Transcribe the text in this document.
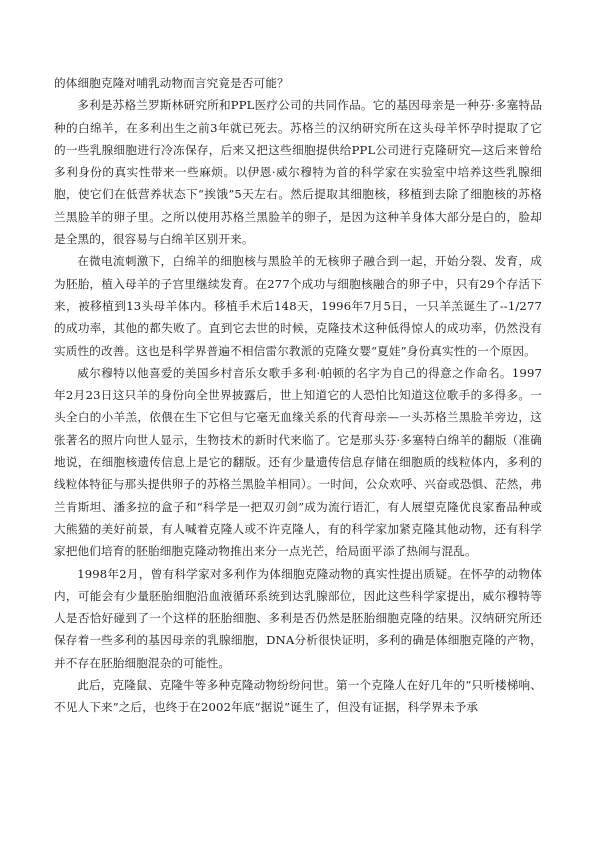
的体细胞克隆对哺乳动物而言究竟是否可能？

多利是苏格兰罗斯林研究所和PPL医疗公司的共同作品。它的基因母亲是一种芬·多塞特品种的白绵羊，在多利出生之前3年就已死去。苏格兰的汉纳研究所在这头母羊怀孕时提取了它的一些乳腺细胞进行冷冻保存，后来又把这些细胞提供给PPL公司进行克隆研究—这后来曾给多利身份的真实性带来一些麻烦。以伊恩·威尔穆特为首的科学家在实验室中培养这些乳腺细胞，使它们在低营养状态下“挨饿”5天左右。然后提取其细胞核，移植到去除了细胞核的苏格兰黑脸羊的卵子里。之所以使用苏格兰黑脸羊的卵子，是因为这种羊身体大部分是白的，脸却是全黑的，很容易与白绵羊区别开来。

在微电流刺激下，白绵羊的细胞核与黑脸羊的无核卵子融合到一起，开始分裂、发育，成为胚胎，植入母羊的子宫里继续发育。在277个成功与细胞核融合的卵子中，只有29个存活下来，被移植到13头母羊体内。移植手术后148天，1996年7月5日，一只羊羔诞生了--1/277的成功率，其他的都失败了。直到它去世的时候，克隆技术这种低得惊人的成功率，仍然没有实质性的改善。这也是科学界普遍不相信雷尔教派的克隆女婴“夏娃”身份真实性的一个原因。

威尔穆特以他喜爱的美国乡村音乐女歌手多利·帕顿的名字为自己的得意之作命名。1997年2月23日这只羊的身份向全世界披露后，世上知道它的人恐怕比知道这位歌手的多得多。一头全白的小羊羔，依偎在生下它但与它毫无血缘关系的代育母亲—一头苏格兰黑脸羊旁边，这张著名的照片向世人显示，生物技术的新时代来临了。它是那头芬·多塞特白绵羊的翻版（准确地说，在细胞核遗传信息上是它的翻版。还有少量遗传信息存储在细胞质的线粒体内，多利的线粒体特征与那头提供卵子的苏格兰黑脸羊相同）。一时间，公众欢呼、兴奋或恐惧、茫然，弗兰肯斯坦、潘多拉的盒子和“科学是一把双刃剑”成为流行语汇，有人展望克隆优良家畜品种或大熊猫的美好前景，有人喊着克隆人或不许克隆人，有的科学家加紧克隆其他动物，还有科学家把他们培育的胚胎细胞克隆动物推出来分一点光芒，给局面平添了热闹与混乱。

1998年2月，曾有科学家对多利作为体细胞克隆动物的真实性提出质疑。在怀孕的动物体内，可能会有少量胚胎细胞沿血液循环系统到达乳腺部位，因此这些科学家提出，威尔穆特等人是否恰好碰到了一个这样的胚胎细胞、多利是否仍然是胚胎细胞克隆的结果。汉纳研究所还保存着一些多利的基因母亲的乳腺细胞，DNA分析很快证明，多利的确是体细胞克隆的产物，并不存在胚胎细胞混杂的可能性。

此后，克隆鼠、克隆牛等多种克隆动物纷纷问世。第一个克隆人在好几年的“只听楼梯响、不见人下来”之后，也终于在2002年底“据说”诞生了，但没有证据，科学界未予承
